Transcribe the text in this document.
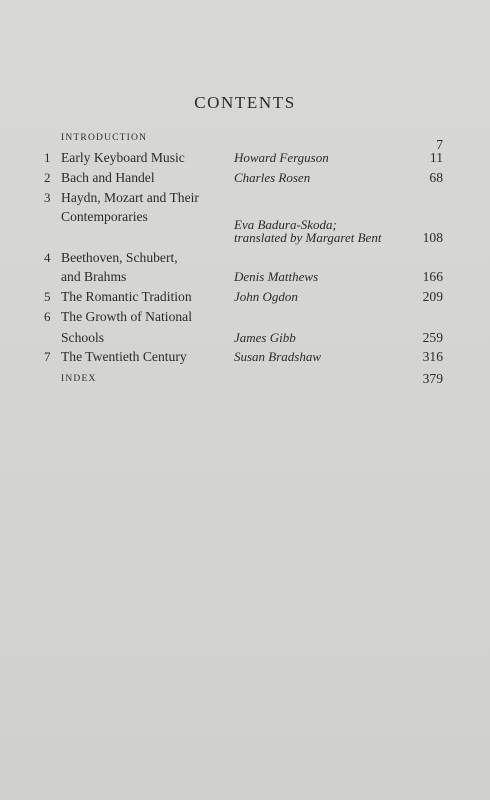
CONTENTS
INTRODUCTION	7
1 Early Keyboard Music	Howard Ferguson	11
2 Bach and Handel	Charles Rosen	68
3 Haydn, Mozart and Their
Contemporaries
Eva Badura-Skoda;
translated by Margaret Bent	108
4 Beethoven, Schubert,
and Brahms	Denis Matthews	166
5 The Romantic Tradition	John Ogdon	209
6 The Growth of National
Schools	James Gibb	259
7 The Twentieth Century	Susan Bradshaw	316
INDEX	379
